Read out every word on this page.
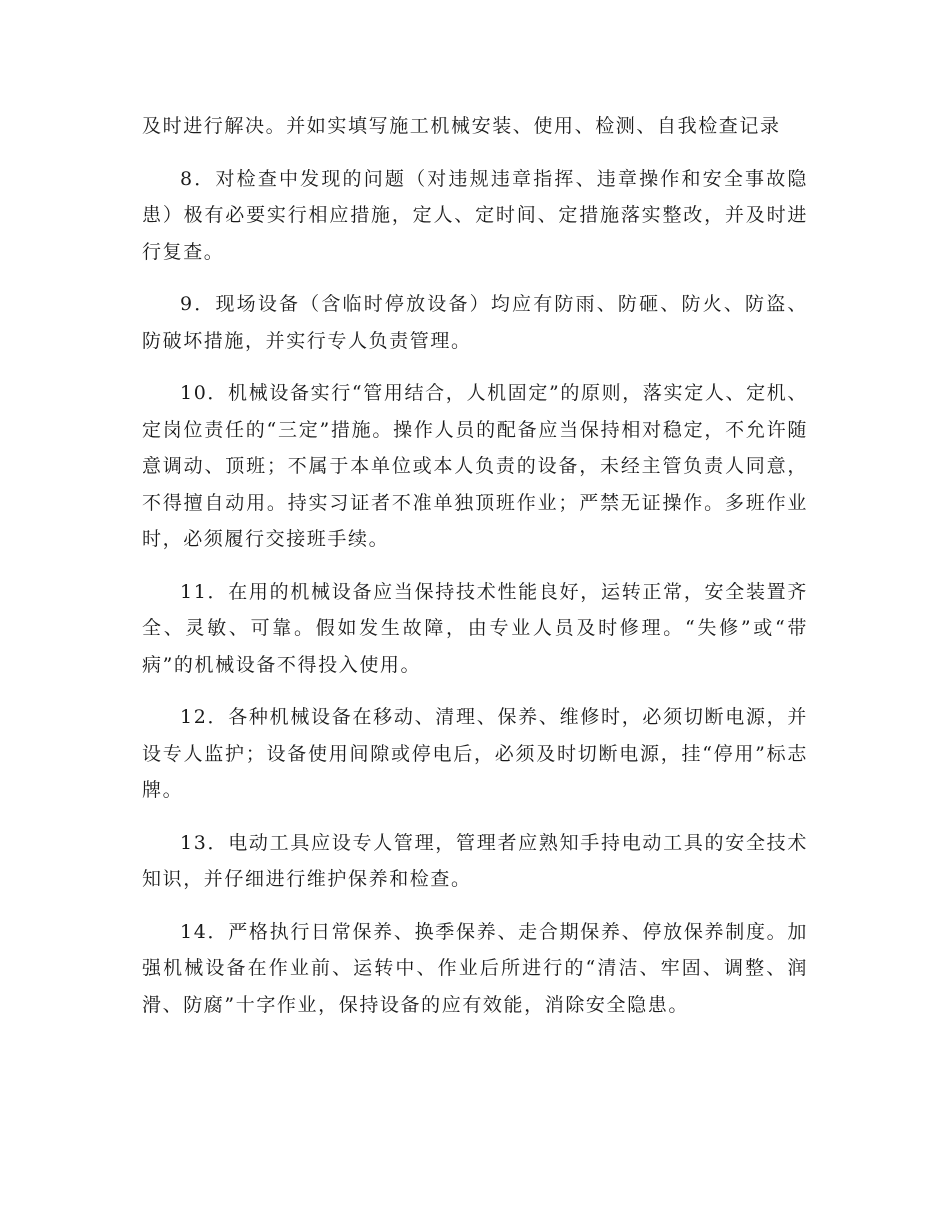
及时进行解决。并如实填写施工机械安装、使用、检测、自我检查记录

8．对检查中发现的问题（对违规违章指挥、违章操作和安全事故隐患）极有必要实行相应措施，定人、定时间、定措施落实整改，并及时进行复查。

9．现场设备（含临时停放设备）均应有防雨、防砸、防火、防盗、防破坏措施，并实行专人负责管理。

10．机械设备实行“管用结合，人机固定”的原则，落实定人、定机、定岗位责任的“三定”措施。操作人员的配备应当保持相对稳定，不允许随意调动、顶班；不属于本单位或本人负责的设备，未经主管负责人同意，不得擅自动用。持实习证者不准单独顶班作业；严禁无证操作。多班作业时，必须履行交接班手续。

11．在用的机械设备应当保持技术性能良好，运转正常，安全装置齐全、灵敏、可靠。假如发生故障，由专业人员及时修理。“失修”或“带病”的机械设备不得投入使用。

12．各种机械设备在移动、清理、保养、维修时，必须切断电源，并设专人监护；设备使用间隙或停电后，必须及时切断电源，挂“停用”标志牌。

13．电动工具应设专人管理，管理者应熟知手持电动工具的安全技术知识，并仔细进行维护保养和检查。

14．严格执行日常保养、换季保养、走合期保养、停放保养制度。加强机械设备在作业前、运转中、作业后所进行的“清洁、牢固、调整、润滑、防腐”十字作业，保持设备的应有效能，消除安全隐患。
